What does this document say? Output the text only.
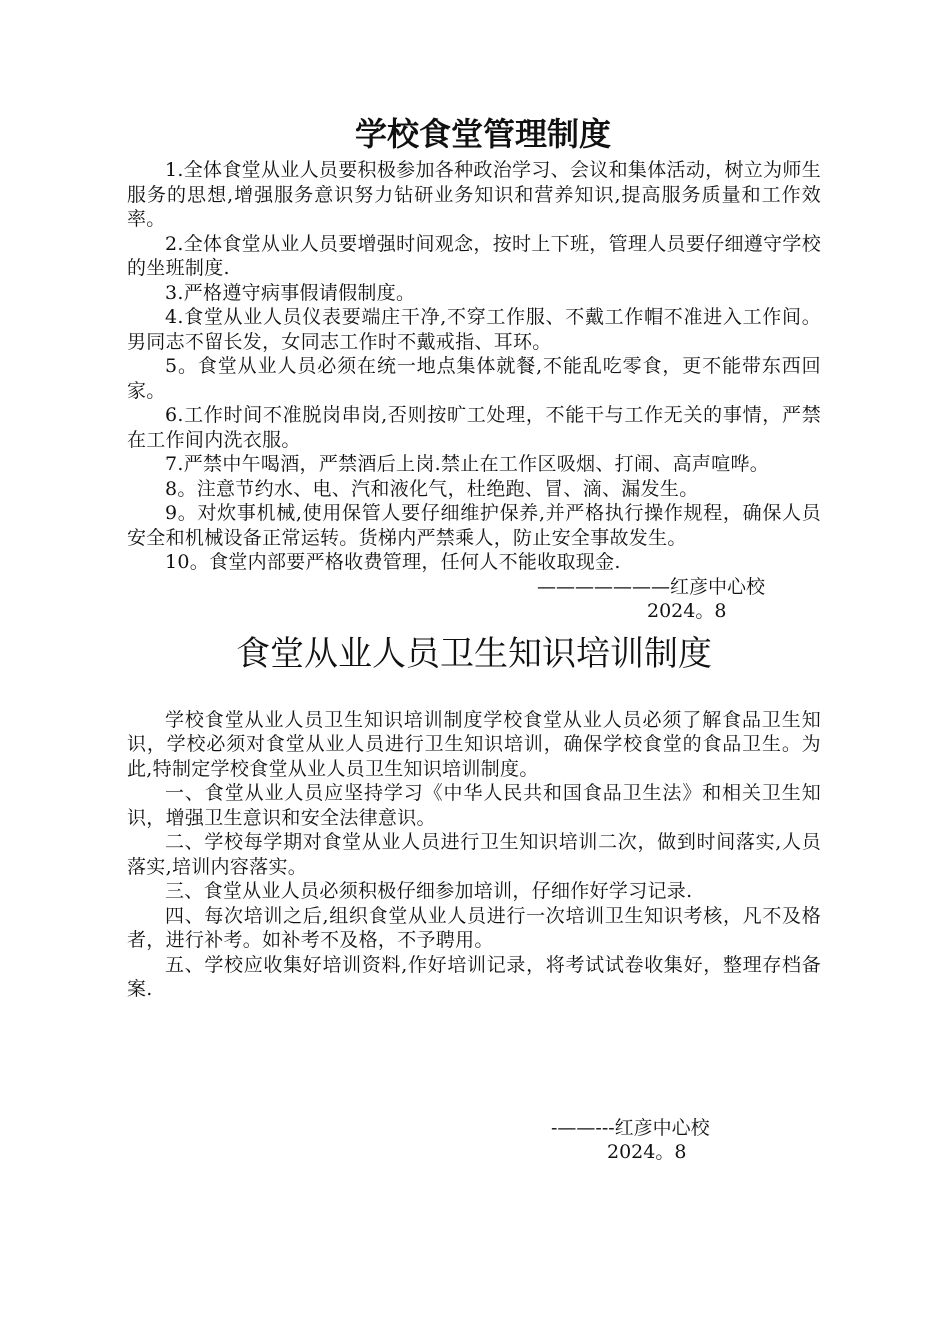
学校食堂管理制度

1.全体食堂从业人员要积极参加各种政治学习、会议和集体活动，树立为师生服务的思想,增强服务意识努力钻研业务知识和营养知识,提高服务质量和工作效率。

2.全体食堂从业人员要增强时间观念，按时上下班，管理人员要仔细遵守学校的坐班制度.

3.严格遵守病事假请假制度。

4.食堂从业人员仪表要端庄干净,不穿工作服、不戴工作帽不准进入工作间。男同志不留长发，女同志工作时不戴戒指、耳环。

5。食堂从业人员必须在统一地点集体就餐,不能乱吃零食，更不能带东西回家。

6.工作时间不准脱岗串岗,否则按旷工处理，不能干与工作无关的事情，严禁在工作间内洗衣服。

7.严禁中午喝酒，严禁酒后上岗.禁止在工作区吸烟、打闹、高声喧哗。

8。注意节约水、电、汽和液化气，杜绝跑、冒、滴、漏发生。

9。对炊事机械,使用保管人要仔细维护保养,并严格执行操作规程，确保人员安全和机械设备正常运转。货梯内严禁乘人，防止安全事故发生。

10。食堂内部要严格收费管理，任何人不能收取现金.

———————红彦中心校

2024。8

食堂从业人员卫生知识培训制度

学校食堂从业人员卫生知识培训制度学校食堂从业人员必须了解食品卫生知识，学校必须对食堂从业人员进行卫生知识培训，确保学校食堂的食品卫生。为此,特制定学校食堂从业人员卫生知识培训制度。

一、食堂从业人员应坚持学习《中华人民共和国食品卫生法》和相关卫生知识，增强卫生意识和安全法律意识。

二、学校每学期对食堂从业人员进行卫生知识培训二次，做到时间落实,人员落实,培训内容落实。

三、食堂从业人员必须积极仔细参加培训，仔细作好学习记录.

四、每次培训之后,组织食堂从业人员进行一次培训卫生知识考核，凡不及格者，进行补考。如补考不及格，不予聘用。

五、学校应收集好培训资料,作好培训记录，将考试试卷收集好，整理存档备案.

-——---红彦中心校

2024。8
